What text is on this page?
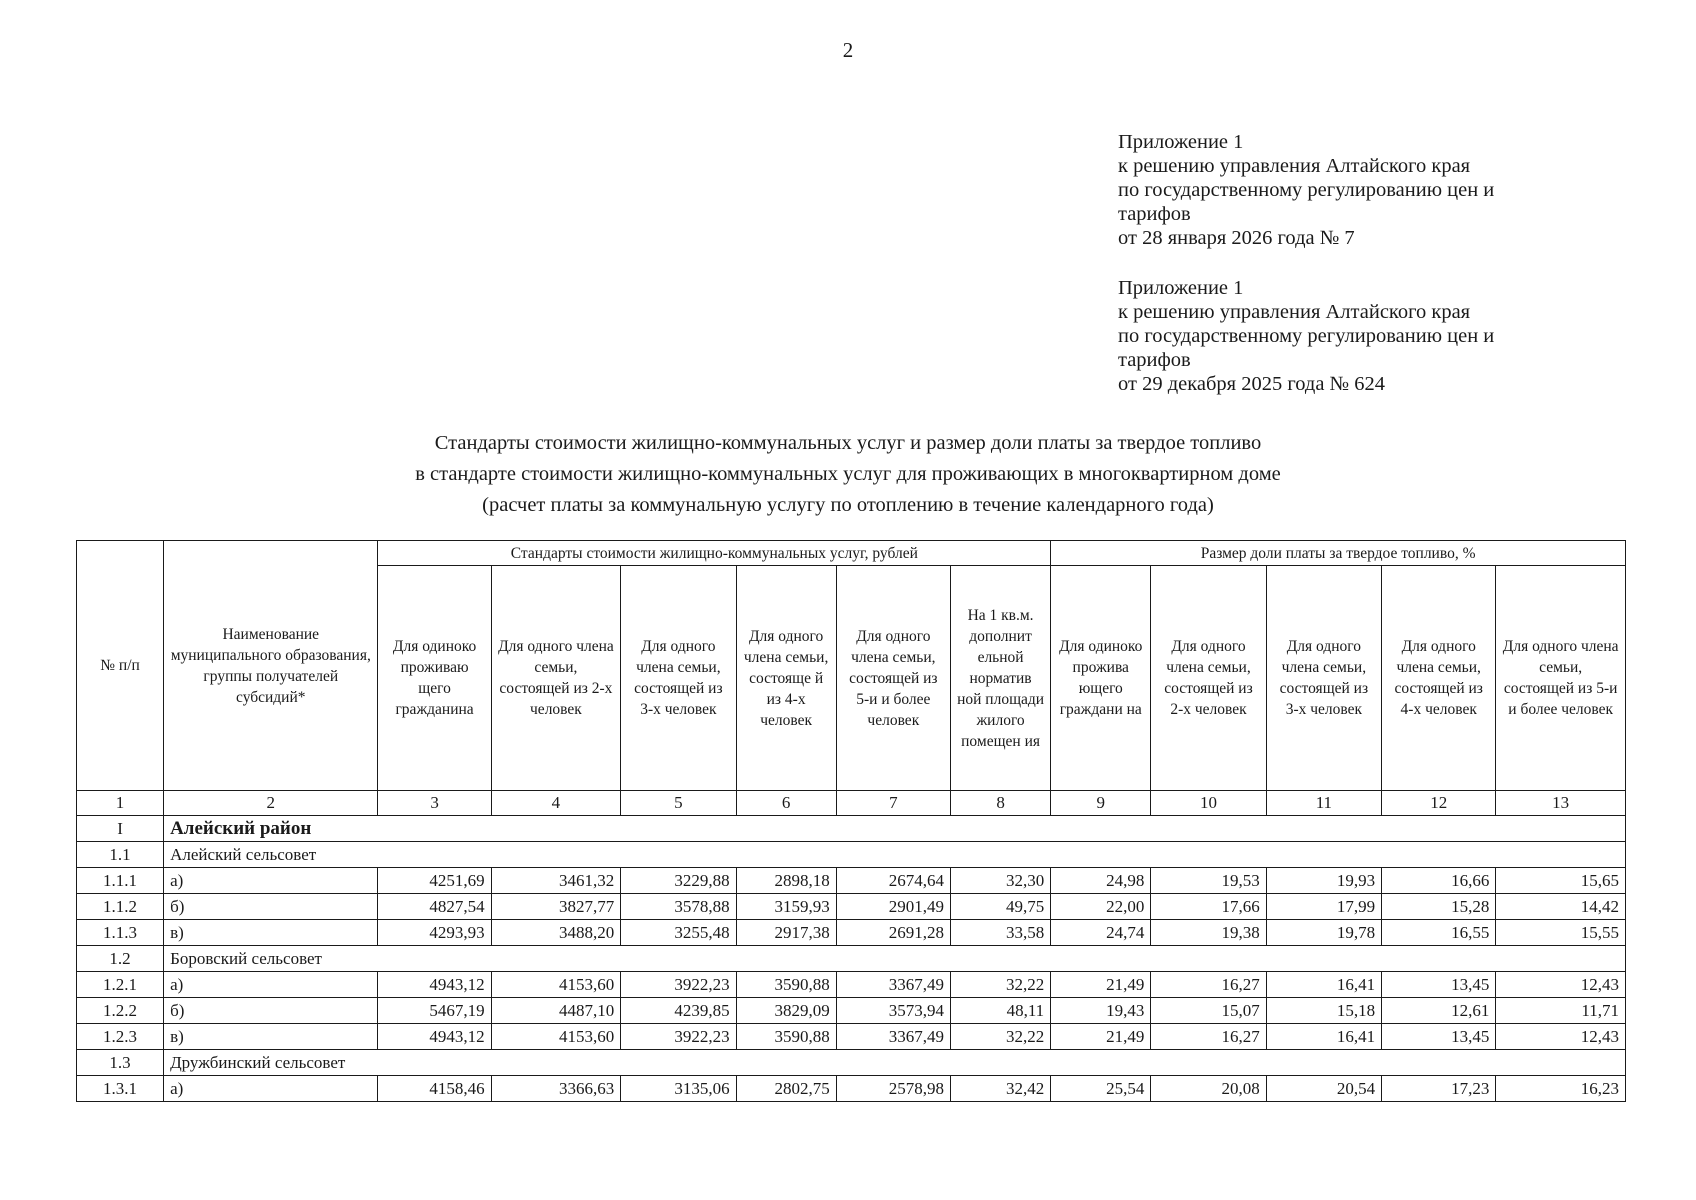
2
Приложение 1
к решению управления Алтайского края
по государственному регулированию цен и
тарифов
от 28 января 2026 года № 7
Приложение 1
к решению управления Алтайского края
по государственному регулированию цен и
тарифов
от 29 декабря 2025 года № 624
Стандарты стоимости жилищно-коммунальных услуг и размер доли платы за твердое топливо
в стандарте стоимости жилищно-коммунальных услуг для проживающих в многоквартирном доме
(расчет платы за коммунальную услугу по отоплению в течение календарного года)
№ п/п	Наименование муниципального образования, группы получателей субсидий*	Стандарты стоимости жилищно-коммунальных услуг, рублей						Размер доли платы за твердое топливо, %				
		Для одиноко проживаю щего гражданина	Для одного члена семьи, состоящей из 2-х человек	Для одного члена семьи, состоящей из 3-х человек	Для одного члена семьи, состояще й из 4-х человек	Для одного члена семьи, состоящей из 5-и и более человек	На 1 кв.м. дополнит ельной норматив ной площади жилого помещен ия	Для одиноко прожива ющего граждани на	Для одного члена семьи, состоящей из 2-х человек	Для одного члена семьи, состоящей из 3-х человек	Для одного члена семьи, состоящей из 4-х человек	Для одного члена семьи, состоящей из 5-и и более человек
1	2	3	4	5	6	7	8	9	10	11	12	13
I	Алейский район											
1.1	Алейский сельсовет											
1.1.1	а)	4251,69	3461,32	3229,88	2898,18	2674,64	32,30	24,98	19,53	19,93	16,66	15,65
1.1.2	б)	4827,54	3827,77	3578,88	3159,93	2901,49	49,75	22,00	17,66	17,99	15,28	14,42
1.1.3	в)	4293,93	3488,20	3255,48	2917,38	2691,28	33,58	24,74	19,38	19,78	16,55	15,55
1.2	Боровский сельсовет											
1.2.1	а)	4943,12	4153,60	3922,23	3590,88	3367,49	32,22	21,49	16,27	16,41	13,45	12,43
1.2.2	б)	5467,19	4487,10	4239,85	3829,09	3573,94	48,11	19,43	15,07	15,18	12,61	11,71
1.2.3	в)	4943,12	4153,60	3922,23	3590,88	3367,49	32,22	21,49	16,27	16,41	13,45	12,43
1.3	Дружбинский сельсовет											
1.3.1	а)	4158,46	3366,63	3135,06	2802,75	2578,98	32,42	25,54	20,08	20,54	17,23	16,23
